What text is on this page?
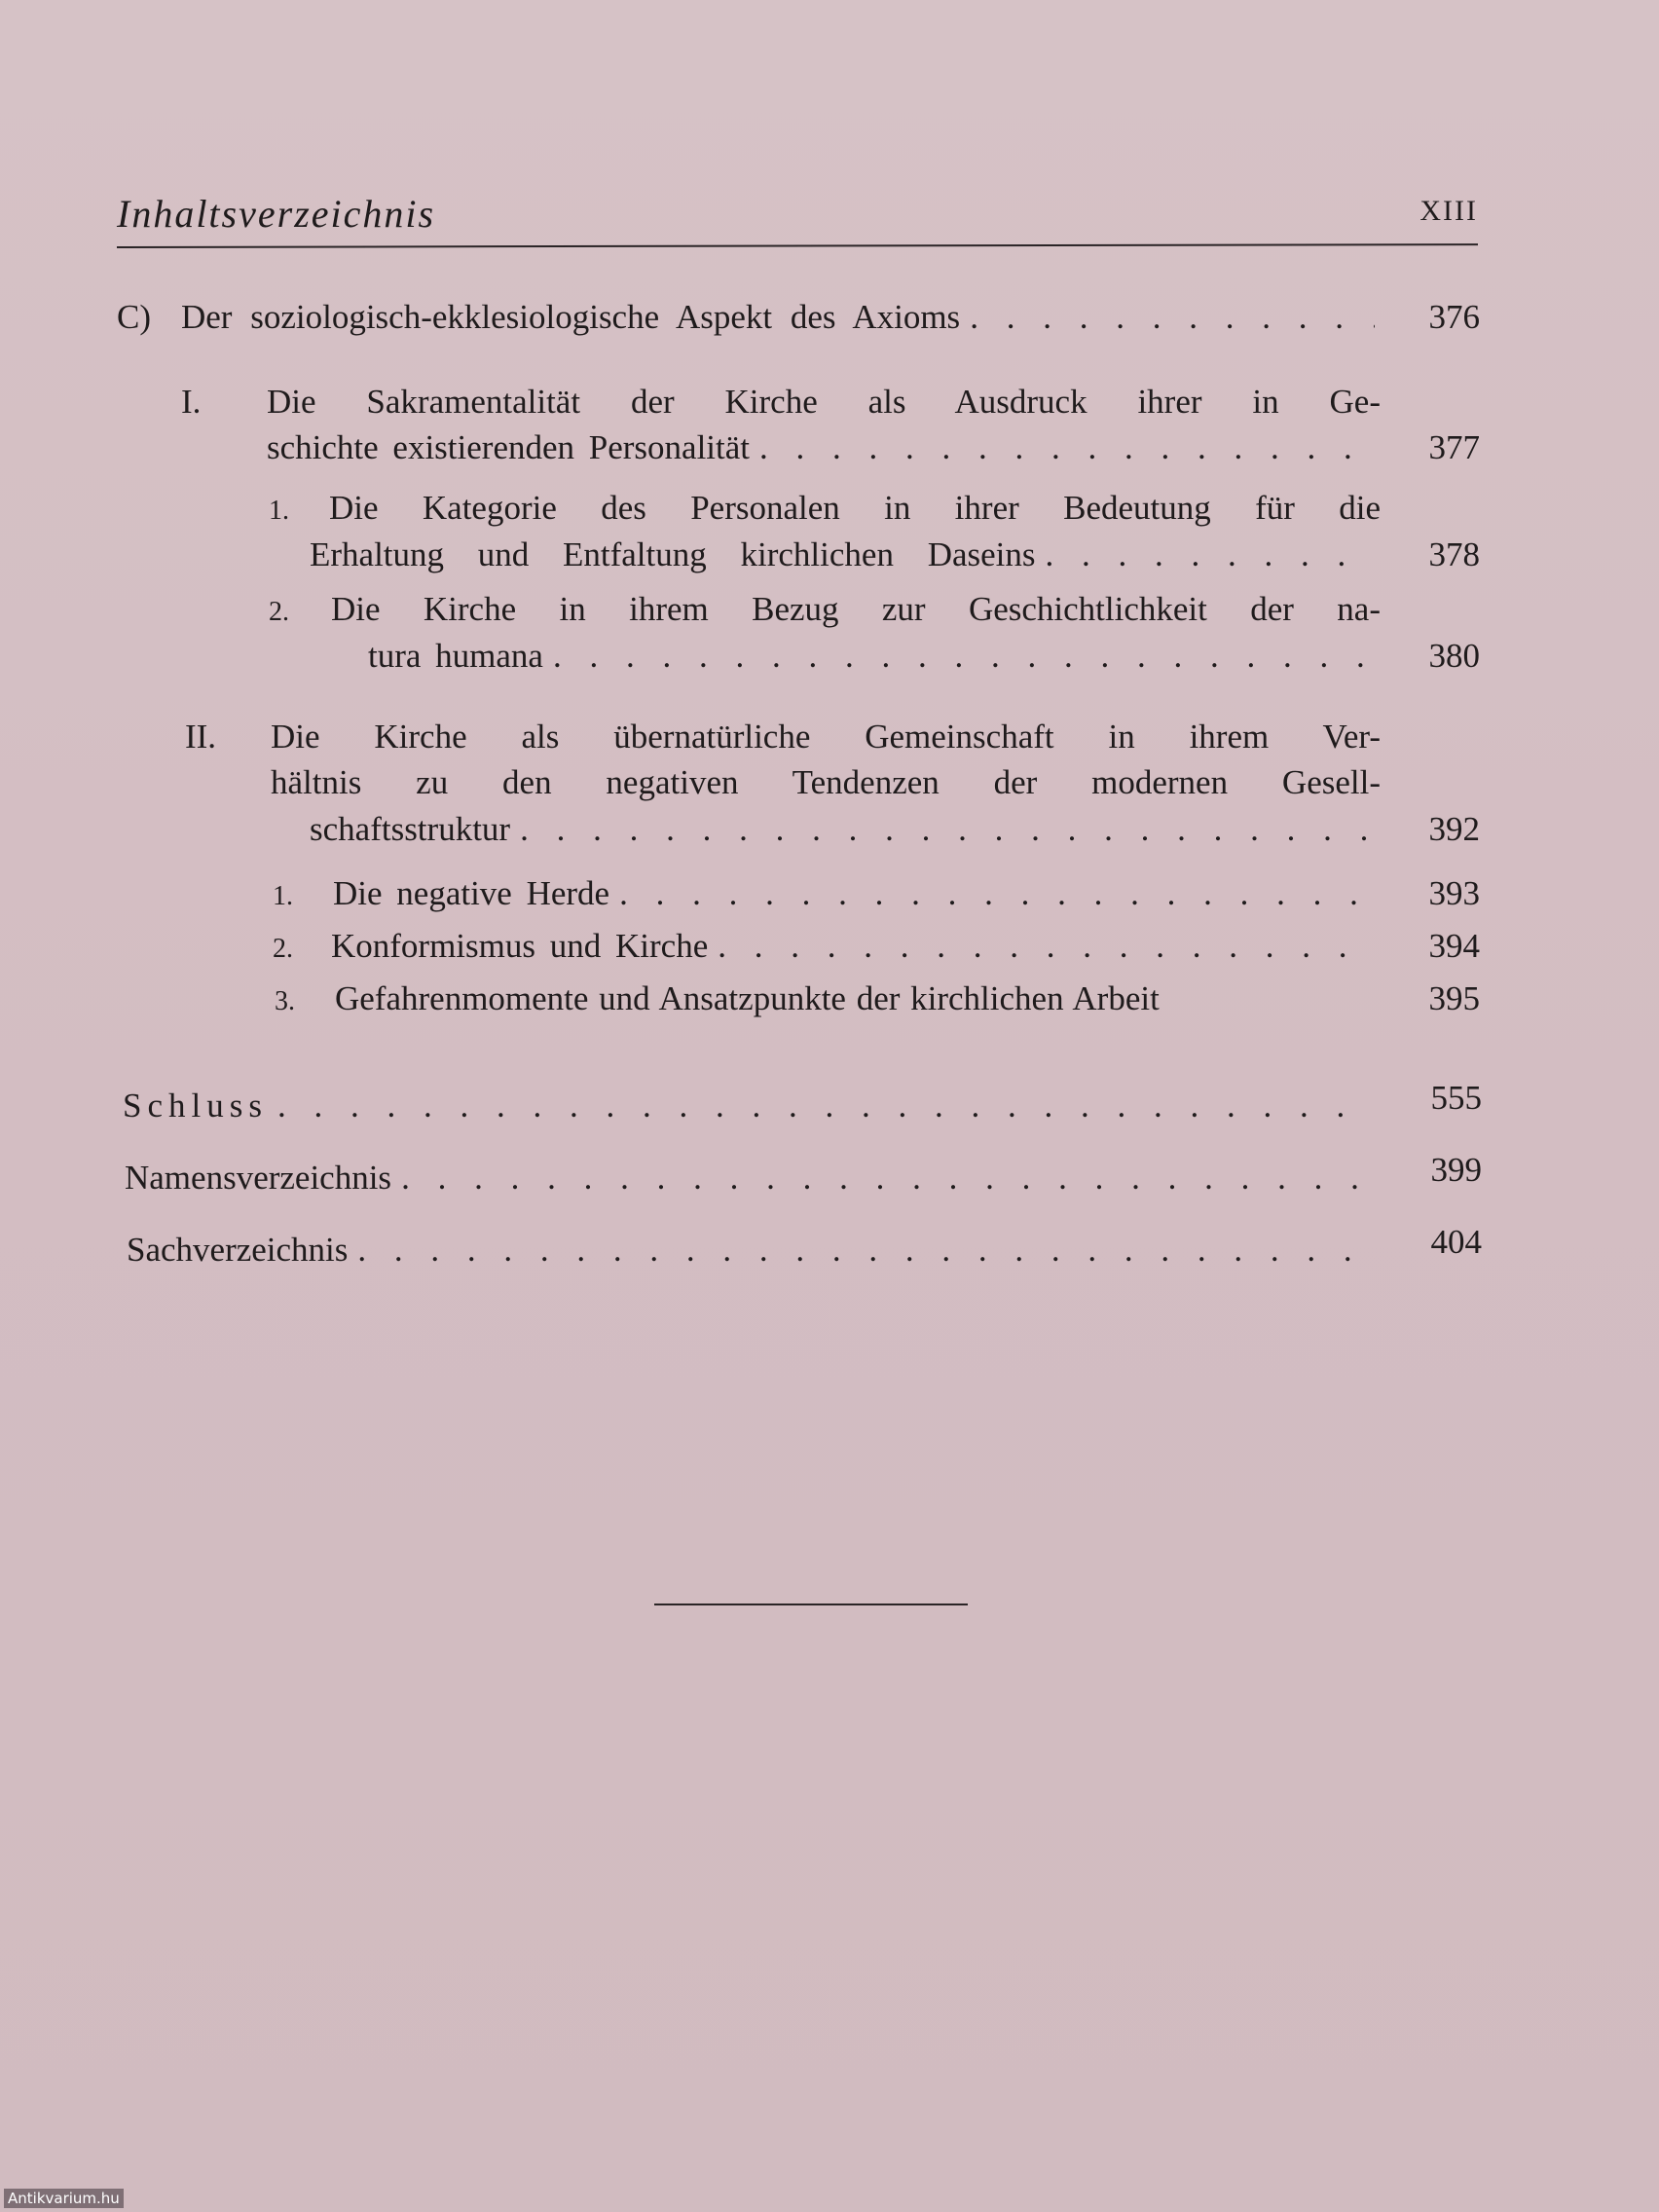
Inhaltsverzeichnis	XIII
C) Der soziologisch-ekklesiologische Aspekt des Axioms . . .	376
I.	Die Sakramentalität der Kirche als Ausdruck ihrer in Ge-
schichte existierenden Personalität . . .	377
1.	Die Kategorie des Personalen in ihrer Bedeutung für die
Erhaltung und Entfaltung kirchlichen Daseins . . .	378
2.	Die Kirche in ihrem Bezug zur Geschichtlichkeit der na-
tura humana . . .	380
II.	Die Kirche als übernatürliche Gemeinschaft in ihrem Ver-
hältnis zu den negativen Tendenzen der modernen Gesell-
schaftsstruktur . . .	392
1.	Die negative Herde . . .	393
2.	Konformismus und Kirche . . .	394
3.	Gefahrenmomente und Ansatzpunkte der kirchlichen Arbeit	395
Schluss . . .	555
Namensverzeichnis . . .	399
Sachverzeichnis . . .	404
Antikvarium.hu
